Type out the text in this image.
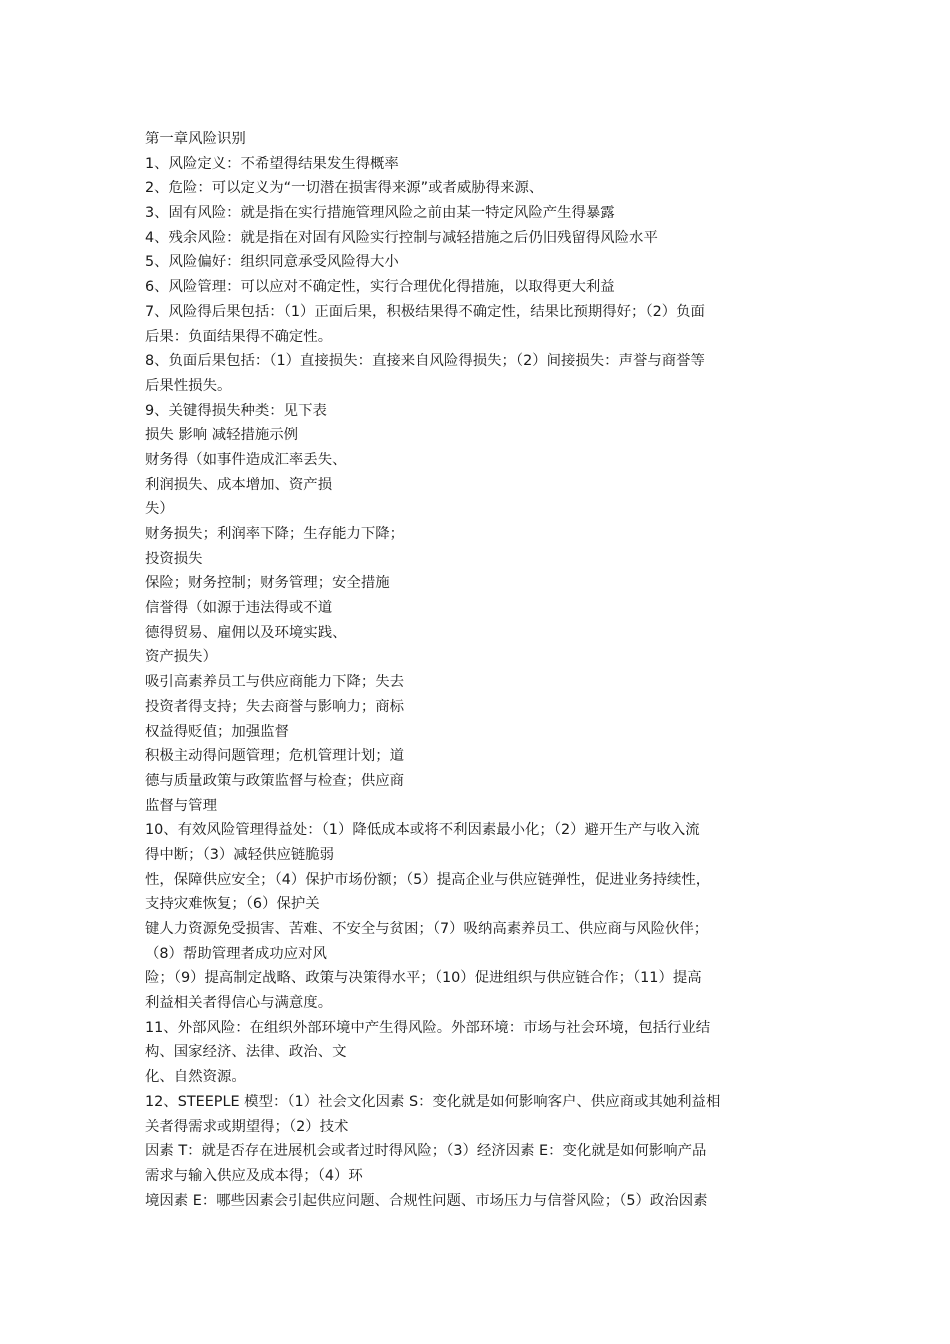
第一章风险识别
1、风险定义：不希望得结果发生得概率
2、危险：可以定义为“一切潜在损害得来源”或者威胁得来源、
3、固有风险：就是指在实行措施管理风险之前由某一特定风险产生得暴露
4、残余风险：就是指在对固有风险实行控制与减轻措施之后仍旧残留得风险水平
5、风险偏好：组织同意承受风险得大小
6、风险管理：可以应对不确定性，实行合理优化得措施，以取得更大利益
7、风险得后果包括：（1）正面后果，积极结果得不确定性，结果比预期得好；（2）负面
后果：负面结果得不确定性。
8、负面后果包括：（1）直接损失：直接来自风险得损失；（2）间接损失：声誉与商誉等
后果性损失。
9、关键得损失种类：见下表
损失 影响 减轻措施示例
财务得（如事件造成汇率丢失、
利润损失、成本增加、资产损
失）
财务损失；利润率下降；生存能力下降；
投资损失
保险；财务控制；财务管理；安全措施
信誉得（如源于违法得或不道
德得贸易、雇佣以及环境实践、
资产损失）
吸引高素养员工与供应商能力下降；失去
投资者得支持；失去商誉与影响力；商标
权益得贬值；加强监督
积极主动得问题管理；危机管理计划；道
德与质量政策与政策监督与检查；供应商
监督与管理
10、有效风险管理得益处：（1）降低成本或将不利因素最小化；（2）避开生产与收入流
得中断；（3）减轻供应链脆弱
性，保障供应安全；（4）保护市场份额；（5）提高企业与供应链弹性，促进业务持续性，
支持灾难恢复；（6）保护关
键人力资源免受损害、苦难、不安全与贫困；（7）吸纳高素养员工、供应商与风险伙伴；
（8）帮助管理者成功应对风
险；（9）提高制定战略、政策与决策得水平；（10）促进组织与供应链合作；（11）提高
利益相关者得信心与满意度。
11、外部风险：在组织外部环境中产生得风险。外部环境：市场与社会环境，包括行业结
构、国家经济、法律、政治、文
化、自然资源。
12、STEEPLE 模型：（1）社会文化因素 S：变化就是如何影响客户、供应商或其她利益相
关者得需求或期望得；（2）技术
因素 T：就是否存在进展机会或者过时得风险；（3）经济因素 E：变化就是如何影响产品
需求与输入供应及成本得；（4）环
境因素 E：哪些因素会引起供应问题、合规性问题、市场压力与信誉风险；（5）政治因素
